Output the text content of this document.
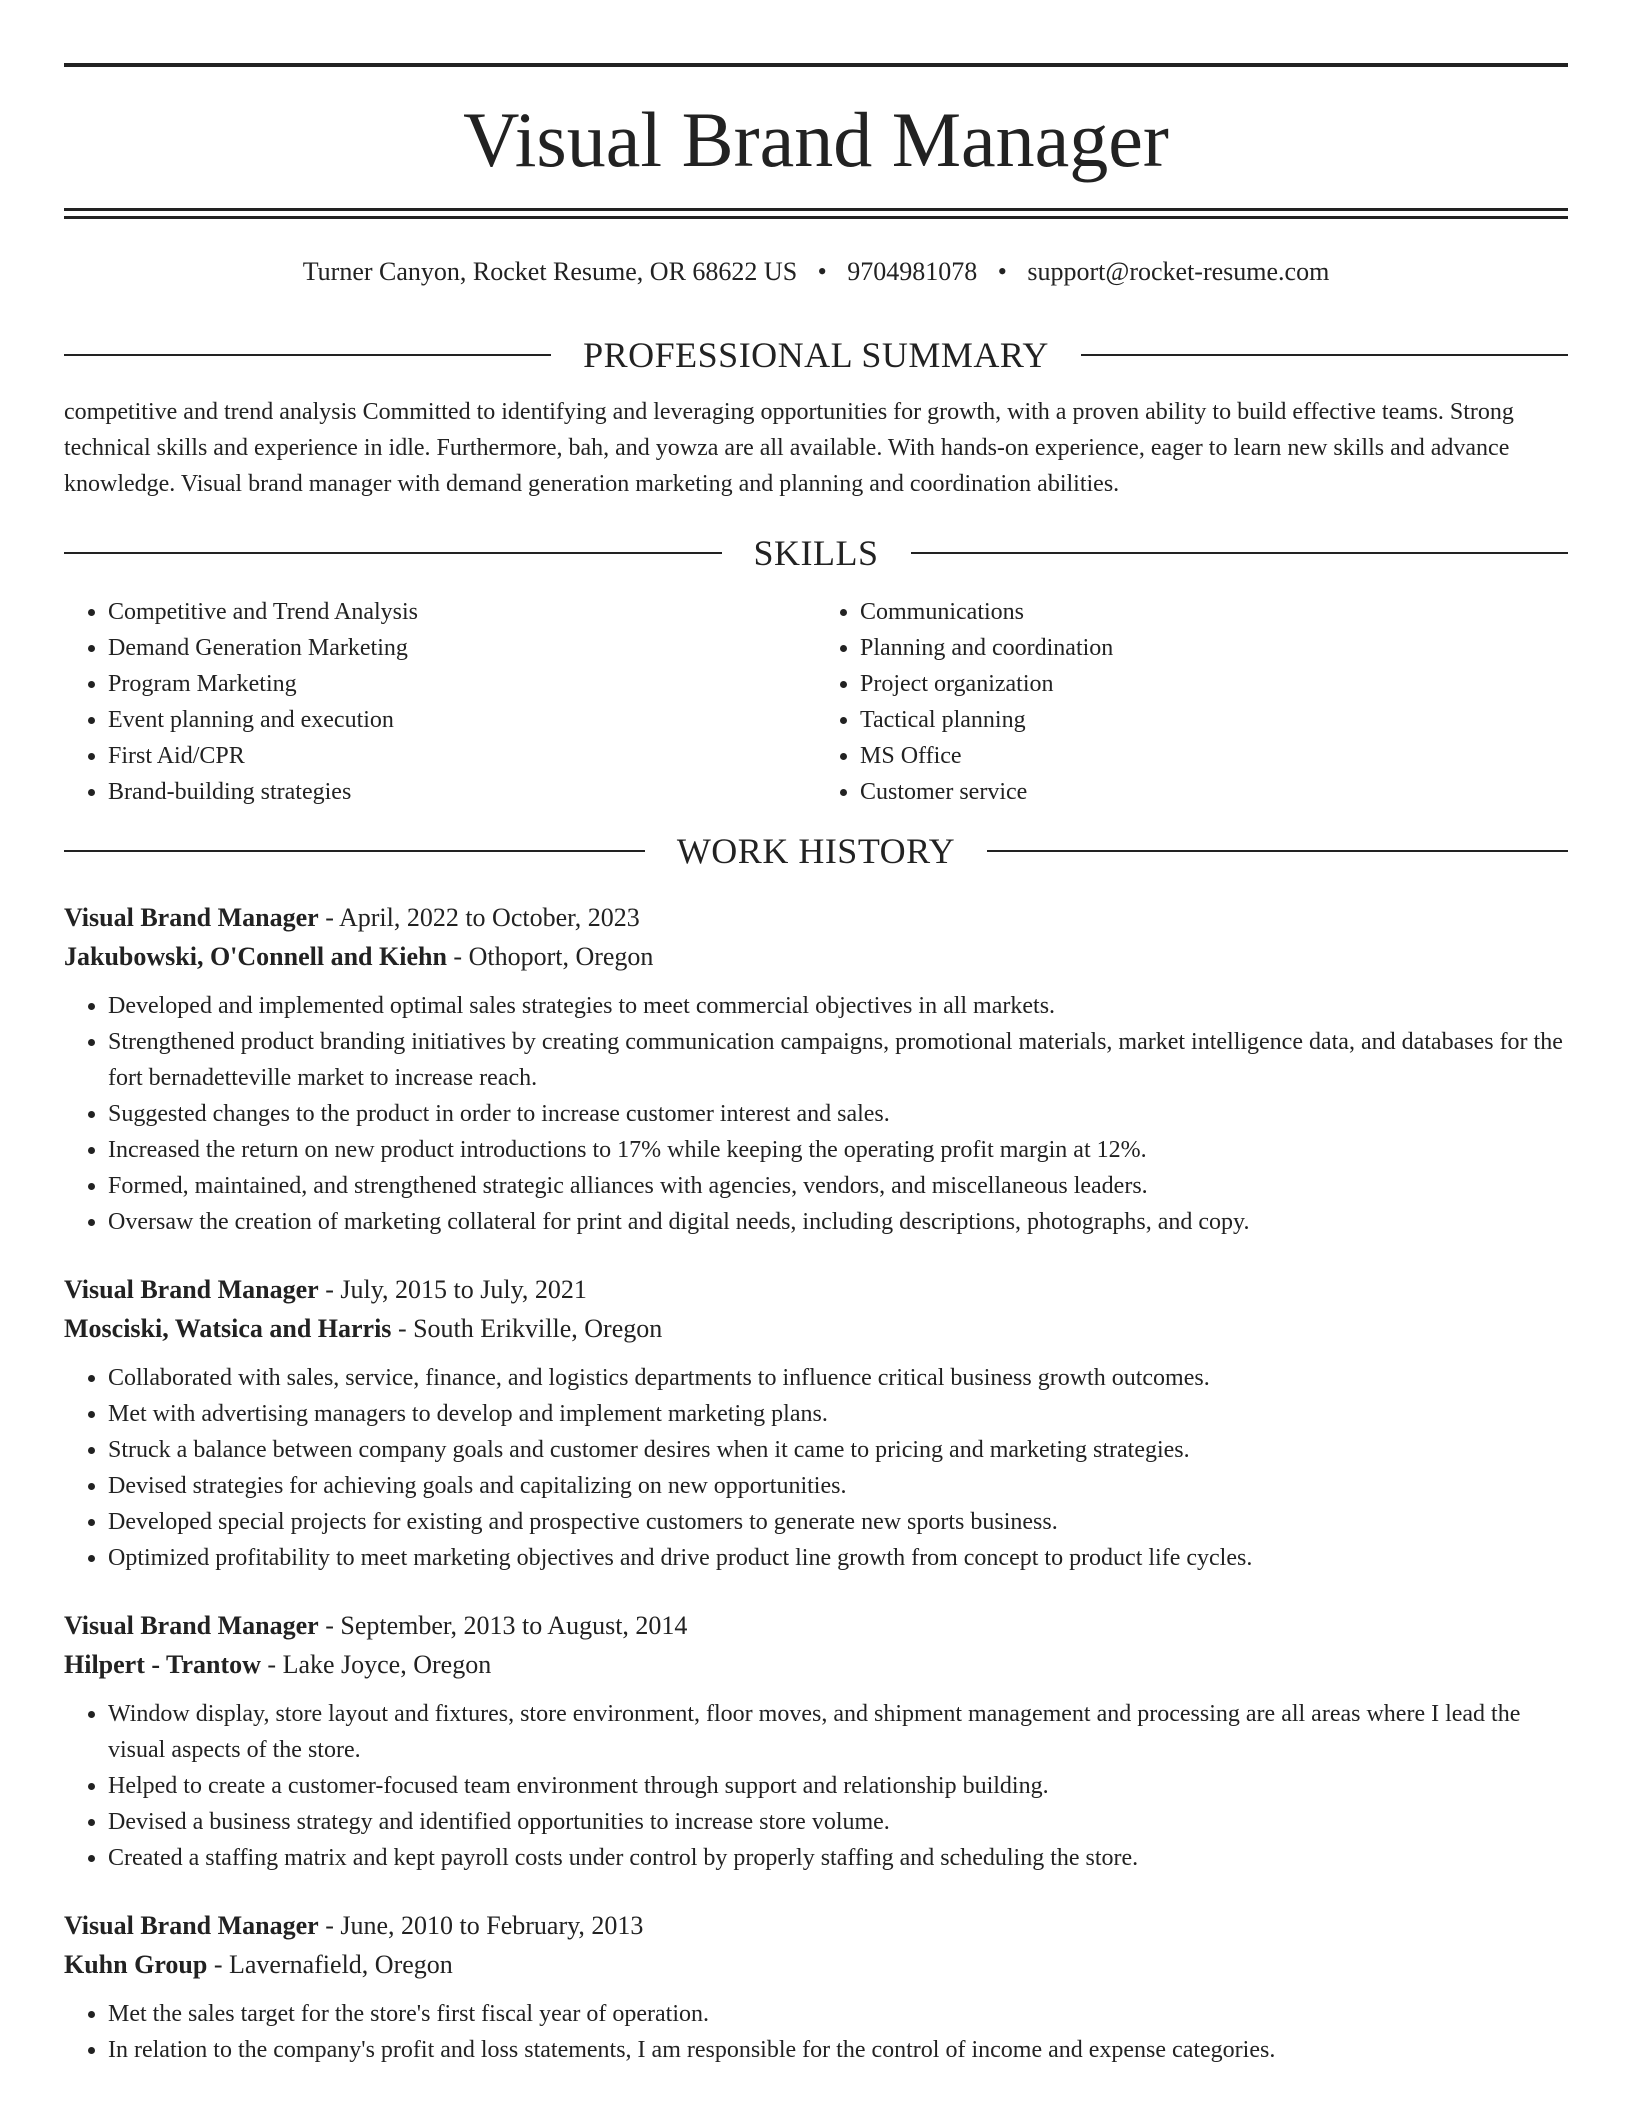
Visual Brand Manager
Turner Canyon, Rocket Resume, OR 68622 US • 9704981078 • support@rocket-resume.com
PROFESSIONAL SUMMARY

competitive and trend analysis Committed to identifying and leveraging opportunities for growth, with a proven ability to build effective teams. Strong technical skills and experience in idle. Furthermore, bah, and yowza are all available. With hands-on experience, eager to learn new skills and advance knowledge. Visual brand manager with demand generation marketing and planning and coordination abilities.

SKILLS
• Competitive and Trend Analysis
• Demand Generation Marketing
• Program Marketing
• Event planning and execution
• First Aid/CPR
• Brand-building strategies
• Communications
• Planning and coordination
• Project organization
• Tactical planning
• MS Office
• Customer service
WORK HISTORY
Visual Brand Manager - April, 2022 to October, 2023
Jakubowski, O'Connell and Kiehn - Othoport, Oregon
• Developed and implemented optimal sales strategies to meet commercial objectives in all markets.
• Strengthened product branding initiatives by creating communication campaigns, promotional materials, market intelligence data, and databases for the fort bernadetteville market to increase reach.
• Suggested changes to the product in order to increase customer interest and sales.
• Increased the return on new product introductions to 17% while keeping the operating profit margin at 12%.
• Formed, maintained, and strengthened strategic alliances with agencies, vendors, and miscellaneous leaders.
• Oversaw the creation of marketing collateral for print and digital needs, including descriptions, photographs, and copy.
Visual Brand Manager - July, 2015 to July, 2021
Mosciski, Watsica and Harris - South Erikville, Oregon
• Collaborated with sales, service, finance, and logistics departments to influence critical business growth outcomes.
• Met with advertising managers to develop and implement marketing plans.
• Struck a balance between company goals and customer desires when it came to pricing and marketing strategies.
• Devised strategies for achieving goals and capitalizing on new opportunities.
• Developed special projects for existing and prospective customers to generate new sports business.
• Optimized profitability to meet marketing objectives and drive product line growth from concept to product life cycles.
Visual Brand Manager - September, 2013 to August, 2014
Hilpert - Trantow - Lake Joyce, Oregon
• Window display, store layout and fixtures, store environment, floor moves, and shipment management and processing are all areas where I lead the visual aspects of the store.
• Helped to create a customer-focused team environment through support and relationship building.
• Devised a business strategy and identified opportunities to increase store volume.
• Created a staffing matrix and kept payroll costs under control by properly staffing and scheduling the store.
Visual Brand Manager - June, 2010 to February, 2013
Kuhn Group - Lavernafield, Oregon
• Met the sales target for the store's first fiscal year of operation.
• In relation to the company's profit and loss statements, I am responsible for the control of income and expense categories.
